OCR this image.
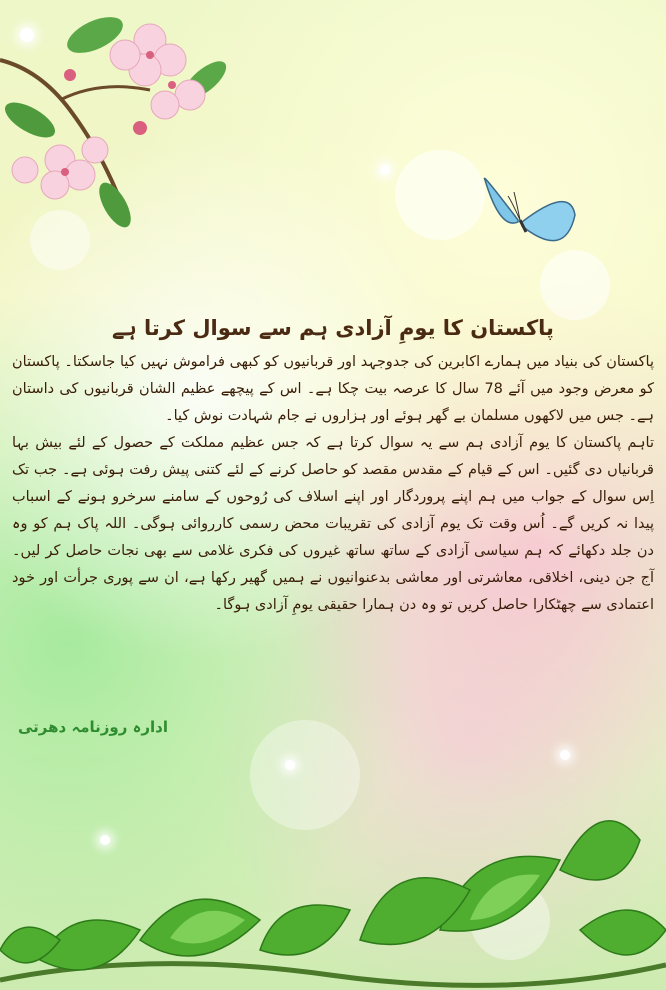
پاکستان کا یومِ آزادی ہم سے سوال کرتا ہے

پاکستان کی بنیاد میں ہمارے اکابرین کی جدوجہد اور قربانیوں کو کبھی فراموش نہیں کیا جاسکتا۔ پاکستان کو معرض وجود میں آئے 78 سال کا عرصہ بیت چکا ہے۔ اس کے پیچھے عظیم الشان قربانیوں کی داستان ہے۔ جس میں لاکھوں مسلمان بے گھر ہوئے اور ہزاروں نے جام شہادت نوش کیا۔

تاہم پاکستان کا یوم آزادی ہم سے یہ سوال کرتا ہے کہ جس عظیم مملکت کے حصول کے لئے بیش بہا قربانیاں دی گئیں۔ اس کے قیام کے مقدس مقصد کو حاصل کرنے کے لئے کتنی پیش رفت ہوئی ہے۔ جب تک اِس سوال کے جواب میں ہم اپنے پروردگار اور اپنے اسلاف کی رُوحوں کے سامنے سرخرو ہونے کے اسباب پیدا نہ کریں گے۔ اُس وقت تک یوم آزادی کی تقریبات محض رسمی کارروائی ہوگی۔ اللہ پاک ہم کو وہ دن جلد دکھائے کہ ہم سیاسی آزادی کے ساتھ ساتھ غیروں کی فکری غلامی سے بھی نجات حاصل کر لیں۔ آج جن دینی، اخلاقی، معاشرتی اور معاشی بدعنوانیوں نے ہمیں گھیر رکھا ہے، ان سے پوری جرأت اور خود اعتمادی سے چھٹکارا حاصل کریں تو وہ دن ہمارا حقیقی یومِ آزادی ہوگا۔

ادارہ روزنامہ دھرتی
